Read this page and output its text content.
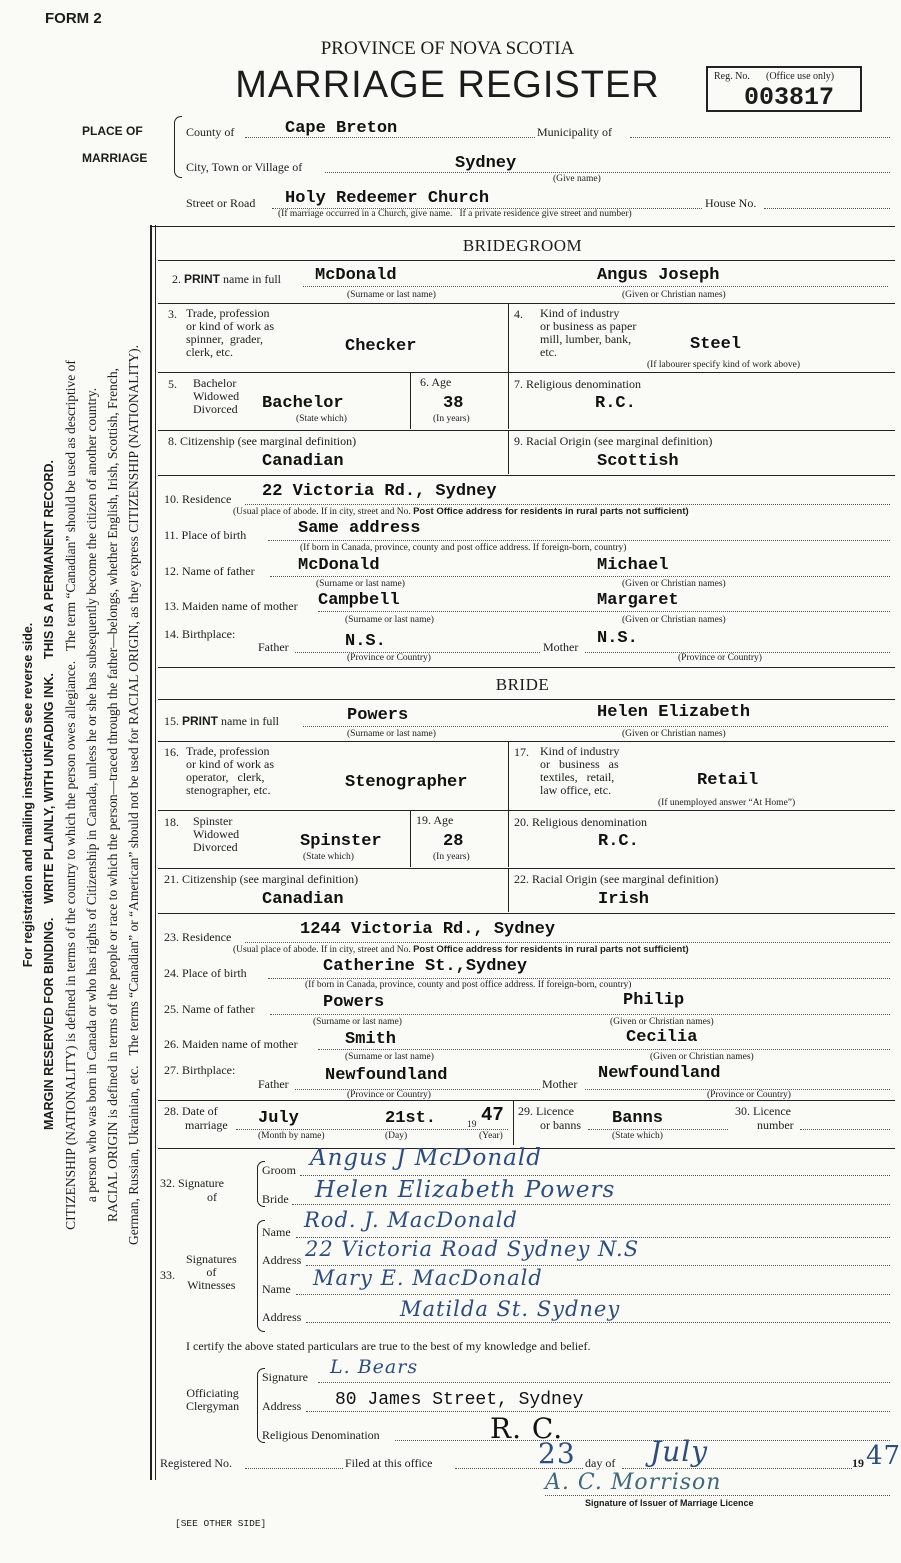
FORM 2
PROVINCE OF NOVA SCOTIA
MARRIAGE REGISTER	Reg. No. (Office use only)
003817
For registration and mailing instructions see reverse side. MARGIN RESERVED FOR BINDING.    WRITE PLAINLY, WITH UNFADING INK.    THIS IS A PERMANENT RECORD. CITIZENSHIP (NATIONALITY) is defined in terms of the country to which the person owes allegiance.   The term “Canadian” should be used as descriptive of a person who was born in Canada or who has rights of Citizenship in Canada, unless he or she has subsequently become the citizen of another country. RACIAL ORIGIN is defined in terms of the people or race to which the person—traced through the father—belongs, whether English, Irish, Scottish, French, German, Russian, Ukrainian, etc.   The terms “Canadian” or “American” should not be used for RACIAL ORIGIN, as they express CITIZENSHIP (NATIONALITY).
PLACE OF
MARRIAGE
County of	Cape Breton	Municipality of
City, Town or Village of	Sydney
(Give name)
Street or Road Holy Redeemer Church	House No.
(If marriage occurred in a Church, give name.   If a private residence give street and number)
BRIDEGROOM
2. PRINT name in full McDonald	Angus Joseph
(Surname or last name)	(Given or Christian names)
3. Trade, profession
or kind of work as
spinner,  grader,
clerk, etc.	Checker
4. Kind of industry
or business as paper
mill, lumber, bank,
etc.	Steel
(If labourer specify kind of work above)
5. Bachelor
Widowed
Divorced Bachelor
(State which)
6. Age
38
(In years)
7. Religious denomination
R.C.
8. Citizenship (see marginal definition)
Canadian
9. Racial Origin (see marginal definition)
Scottish
10. Residence 22 Victoria Rd., Sydney
(Usual place of abode. If in city, street and No. Post Office address for residents in rural parts not sufficient)
11. Place of birth	Same address
(If born in Canada, province, county and post office address. If foreign-born, country)
12. Name of father	McDonald	Michael
(Surname or last name)	(Given or Christian names)
13. Maiden name of mother Campbell	Margaret
(Surname or last name)	(Given or Christian names)
14. Birthplace:
Father	N.S.	Mother N.S.
(Province or Country)	(Province or Country)
BRIDE
15. PRINT name in full	Powers	Helen Elizabeth
(Surname or last name)	(Given or Christian names)
16. Trade, profession
or kind of work as
operator,   clerk,
stenographer, etc.	Stenographer
17. Kind of industry
or   business   as
textiles,   retail,
law office, etc.	Retail
(If unemployed answer “At Home”)
18. Spinster
Widowed
Divorced	Spinster
(State which)
19. Age
28
(In years)
20. Religious denomination
R.C.
21. Citizenship (see marginal definition)
Canadian
22. Racial Origin (see marginal definition)
Irish
23. Residence	1244 Victoria Rd., Sydney
(Usual place of abode. If in city, street and No. Post Office address for residents in rural parts not sufficient)
24. Place of birth	Catherine St.,Sydney
(If born in Canada, province, county and post office address. If foreign-born, country)
25. Name of father	Powers	Philip
(Surname or last name)	(Given or Christian names)
26. Maiden name of mother	Smith	Cecilia
(Surname or last name)	(Given or Christian names)
27. Birthplace:
Father Newfoundland	Mother
Newfoundland
(Province or Country)	(Province or Country)
28. Date of
marriage July	21st.	19 47
(Month by name)	(Day)	(Year)
29. Licence
or banns Banns
(State which)
30. Licence
number
32. Signature
of
Groom Angus J McDonald
Bride Helen Elizabeth Powers
33.
Signatures
of
Witnesses
Name Rod. J. MacDonald
Address 22 Victoria Road Sydney N.S
Name Mary E. MacDonald
Address	Matilda St. Sydney
I certify the above stated particulars are true to the best of my knowledge and belief.
Officiating
Clergyman
Signature L. Bears
Address 80 James Street, Sydney
Religious Denomination	R. C.
Registered No.	Filed at this office	23 day of July	19 47
A. C. Morrison
Signature of Issuer of Marriage Licence
[SEE OTHER SIDE]
